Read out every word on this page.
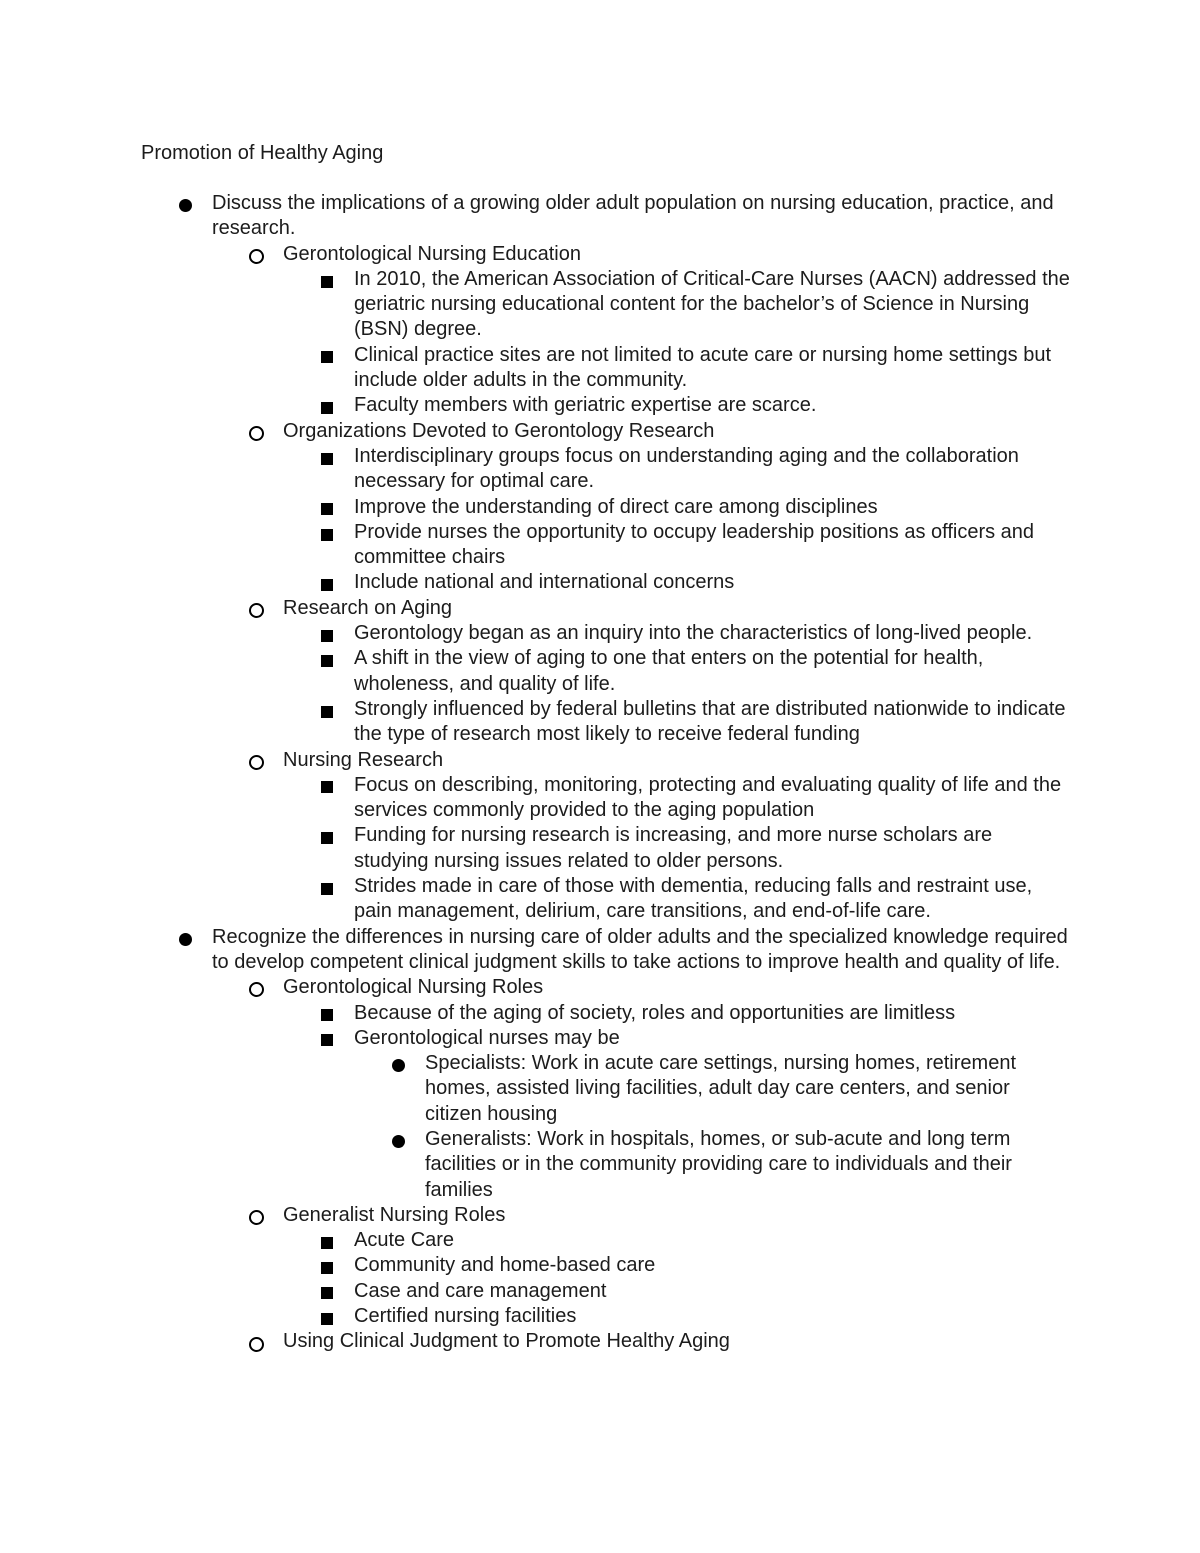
Promotion of Healthy Aging
Discuss the implications of a growing older adult population on nursing education, practice, and research.
Gerontological Nursing Education
In 2010, the American Association of Critical-Care Nurses (AACN) addressed the geriatric nursing educational content for the bachelor’s of Science in Nursing (BSN) degree.
Clinical practice sites are not limited to acute care or nursing home settings but include older adults in the community.
Faculty members with geriatric expertise are scarce.
Organizations Devoted to Gerontology Research
Interdisciplinary groups focus on understanding aging and the collaboration necessary for optimal care.
Improve the understanding of direct care among disciplines
Provide nurses the opportunity to occupy leadership positions as officers and committee chairs
Include national and international concerns
Research on Aging
Gerontology began as an inquiry into the characteristics of long-lived people.
A shift in the view of aging to one that enters on the potential for health, wholeness, and quality of life.
Strongly influenced by federal bulletins that are distributed nationwide to indicate the type of research most likely to receive federal funding
Nursing Research
Focus on describing, monitoring, protecting and evaluating quality of life and the services commonly provided to the aging population
Funding for nursing research is increasing, and more nurse scholars are studying nursing issues related to older persons.
Strides made in care of those with dementia, reducing falls and restraint use, pain management, delirium, care transitions, and end-of-life care.
Recognize the differences in nursing care of older adults and the specialized knowledge required to develop competent clinical judgment skills to take actions to improve health and quality of life.
Gerontological Nursing Roles
Because of the aging of society, roles and opportunities are limitless
Gerontological nurses may be
Specialists: Work in acute care settings, nursing homes, retirement homes, assisted living facilities, adult day care centers, and senior citizen housing
Generalists: Work in hospitals, homes, or sub-acute and long term facilities or in the community providing care to individuals and their families
Generalist Nursing Roles
Acute Care
Community and home-based care
Case and care management
Certified nursing facilities
Using Clinical Judgment to Promote Healthy Aging
